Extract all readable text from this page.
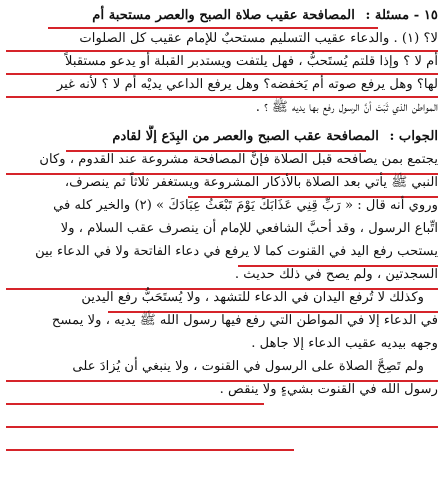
١٥ - مسئلة : المصافحة عقيب صلاة الصبح والعصر مستحبة أم
لا؟ (١) . والدعاء عقيب التسليم مستحبٌ للإمام عقيب كل الصلوات
أم لا ؟ وإذا قلتم يُستَحبُّ ، فهل يلتفت ويستدبر القبلة أو يدعو مستقبلاً
لها؟ وهل يرفع صوته أم يَخفضه؟ وهل يرفع الداعي يديْه أم لا ؟ لأنه غير
المواطن الذي ثَبَتَ أنَّ الرسول رفع بها يديه ﷺ ؟ .
الجواب : المصافحة عقب الصبح والعصر من البِدَع إلَّا لقادم
يجتمع بمن يصافحه قبل الصلاة فإنَّ المصافحة مشروعة عند القدوم ، وكان
النبي ﷺ يأتي بعد الصلاة بالأذكار المشروعة ويستغفر ثلاثاً ثم ينصرف،
وروي أنه قال : « رَبِّ قِنِي عَذَابَكَ يَوْمَ تَبْعَثُ عِبَادَكَ » (٢) والخير كله في
اتِّباع الرسول ، وقد أحبَّ الشافعي للإمام أن ينصرف عقب السلام ، ولا
يستحب رفع اليد في القنوت كما لا يرفع في دعاء الفاتحة ولا في الدعاء بين
السجدتين ، ولم يصح في ذلك حديث .
وكذلك لا تُرفع اليدان في الدعاء للتشهد ، ولا يُستَحَبُّ رفع اليدين
في الدعاء إلا في المواطن التي رفع فيها رسول الله ﷺ يديه ، ولا يمسح
وجهه بيديه عقيب الدعاء إلا جاهل .
ولم تَصِحَّ الصلاة على الرسول في القنوت ، ولا ينبغي أن يُزادَ على
رسول الله في القنوت بشيءٍ ولا ينقص .
